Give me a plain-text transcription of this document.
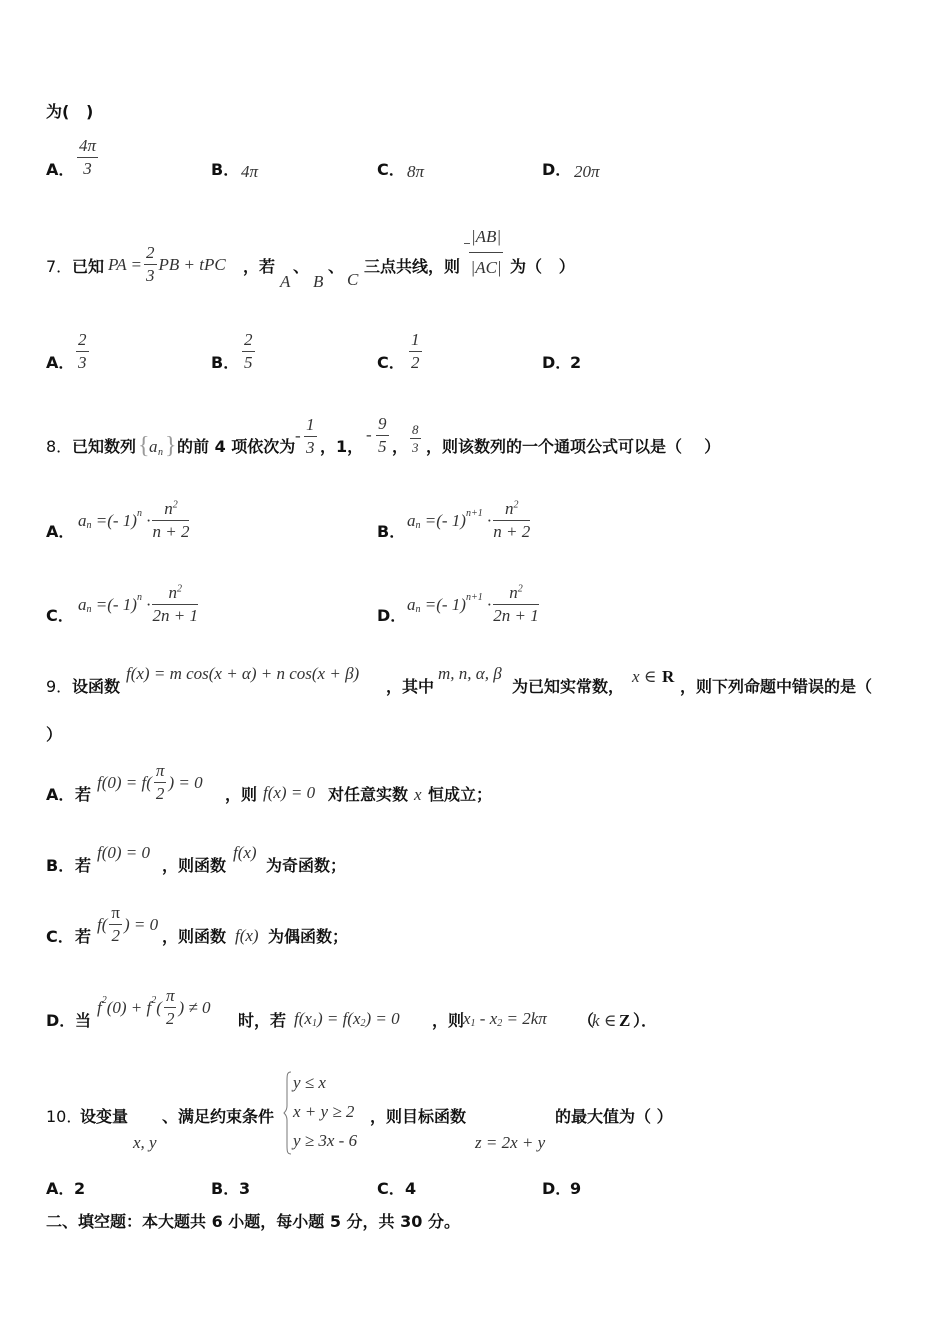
为(   )
A． $\frac{4\pi}{3}$	B． 4π	C． 8π	D． 20π
7． 已知 PA = $\frac{2}{3}$ PB + tPC ，若
A
、
B
、
C
三点共线，则 $\frac{|AB|}{|AC|}$ 为（   ）
A． $\frac{2}{3}$	B． $\frac{2}{5}$	C． $\frac{1}{2}$	D．
2
8． 已知数列 { a n } 的前 4 项依次为
- $\frac{1}{3}$ ，1，
- $\frac{9}{5}$ ， $\frac{8}{3}$ ，则该数列的一个通项公式可以是（    ）
A．
a n =(- 1) $n \cdot \frac{n^2}{n + 2}$	B．
a n =(- 1) $n+1 \cdot \frac{n^2}{n + 2}$
C．
a n =(- 1) $n \cdot \frac{n^2}{2n + 1}$	D．
a n =(- 1) $n+1 \cdot \frac{n^2}{2n + 1}$
9． 设函数
f(x) = m cos(x + α) + n cos(x + β)
，其中
m, n, α, β
为已知实常数，
x ∈ R
，则下列命题中错误的是（
）
A． 若
$f(0) = f( \frac{\pi}{2}$ ) = 0
，则 f(x) = 0 对任意实数 x 恒成立；
B． 若
f(0) = 0
，则函数
f(x)
为奇函数；
C． 若
$f( \frac{\pi}{2}$ ) = 0
，则函数 f(x) 为偶函数；
D． 当
f 2 (0) + f 2 ( $\frac{\pi}{2}$ ) ≠ 0
时，若 f(x 1 ) = f(x 2 ) = 0 ，则
x 1 - x 2 = 2kπ （
k ∈ Z ）．
10．
设变量
x, y
、满足约束条件
y ≤ x
x + y ≥ 2
y ≥ 3x - 6
，则目标函数
z = 2x + y
的最大值为（ ）
A． 2	B． 3	C． 4	D．
9
二、填空题：本大题共 6 小题，每小题 5 分，共 30 分。
